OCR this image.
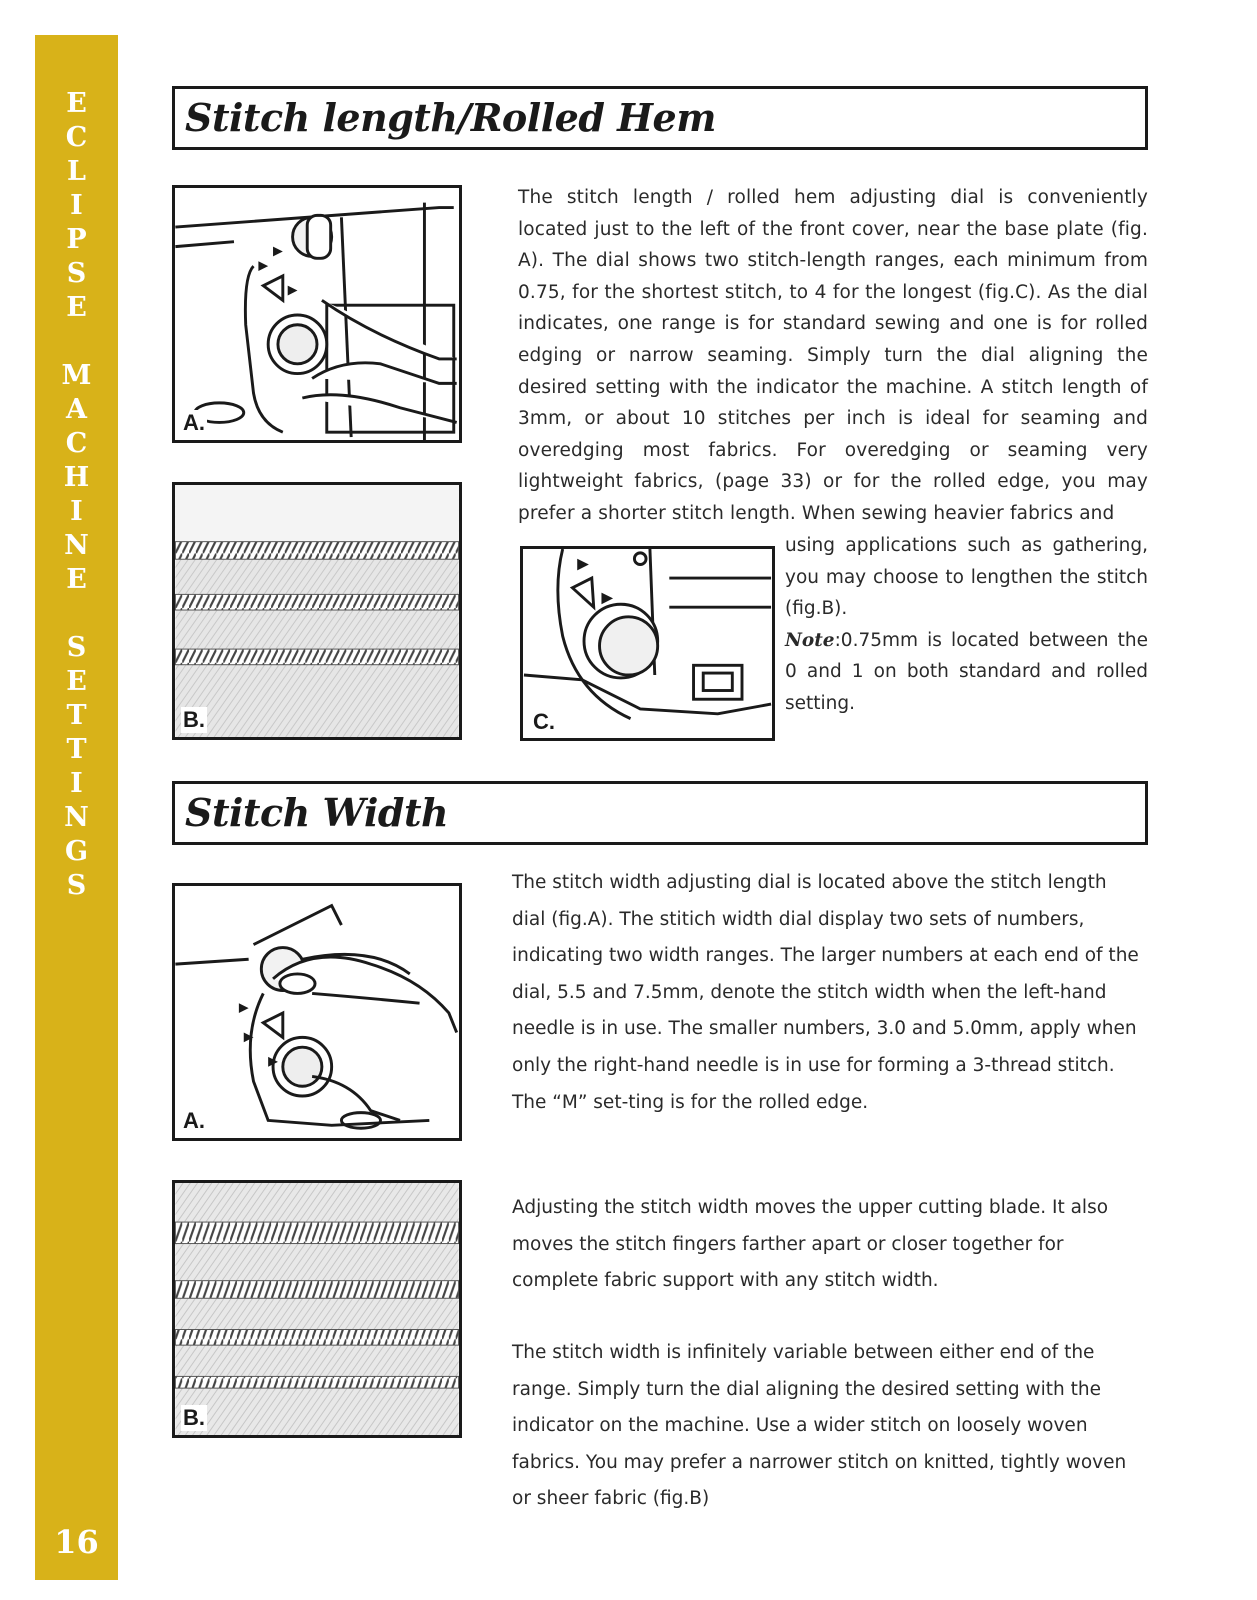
E
C
L
I
P
S
E
M
A
C
H
I
N
E
S
E
T
T
I
N
G
S
16
Stitch length/Rolled Hem
A.
B.	C.

The stitch length / rolled hem adjusting dial is conveniently located just to the left of the front cover, near the base plate (fig. A). The dial shows two stitch-length ranges, each minimum from 0.75, for the shortest stitch, to 4 for the longest (fig.C). As the dial indicates, one range is for standard sewing and one is for rolled edging or narrow seaming. Simply turn the dial aligning the desired setting with the indicator the machine. A stitch length of 3mm, or about 10 stitches per inch is ideal for seaming and overedging most fabrics. For overedging or seaming very lightweight fabrics, (page 33) or for the rolled edge, you may prefer a shorter stitch length. When sewing heavier fabrics and

using applications such as gathering, you may choose to lengthen the stitch (fig.B).
Note:0.75mm is located between the 0 and 1 on both standard and rolled setting.

Stitch Width
A.
B.

The stitch width adjusting dial is located above the stitch length dial (fig.A). The stitich width dial display two sets of numbers, indicating two width ranges. The larger numbers at each end of the dial, 5.5 and 7.5mm, denote the stitch width when the left-hand needle is in use. The smaller numbers, 3.0 and 5.0mm, apply when only the right-hand needle is in use for forming a 3-thread stitch. The “M” set-ting is for the rolled edge.

Adjusting the stitch width moves the upper cutting blade. It also moves the stitch fingers farther apart or closer together for complete fabric support with any stitch width.

The stitch width is infinitely variable between either end of the range. Simply turn the dial aligning the desired setting with the indicator on the machine. Use a wider stitch on loosely woven fabrics. You may prefer a narrower stitch on knitted, tightly woven or sheer fabric (fig.B)
